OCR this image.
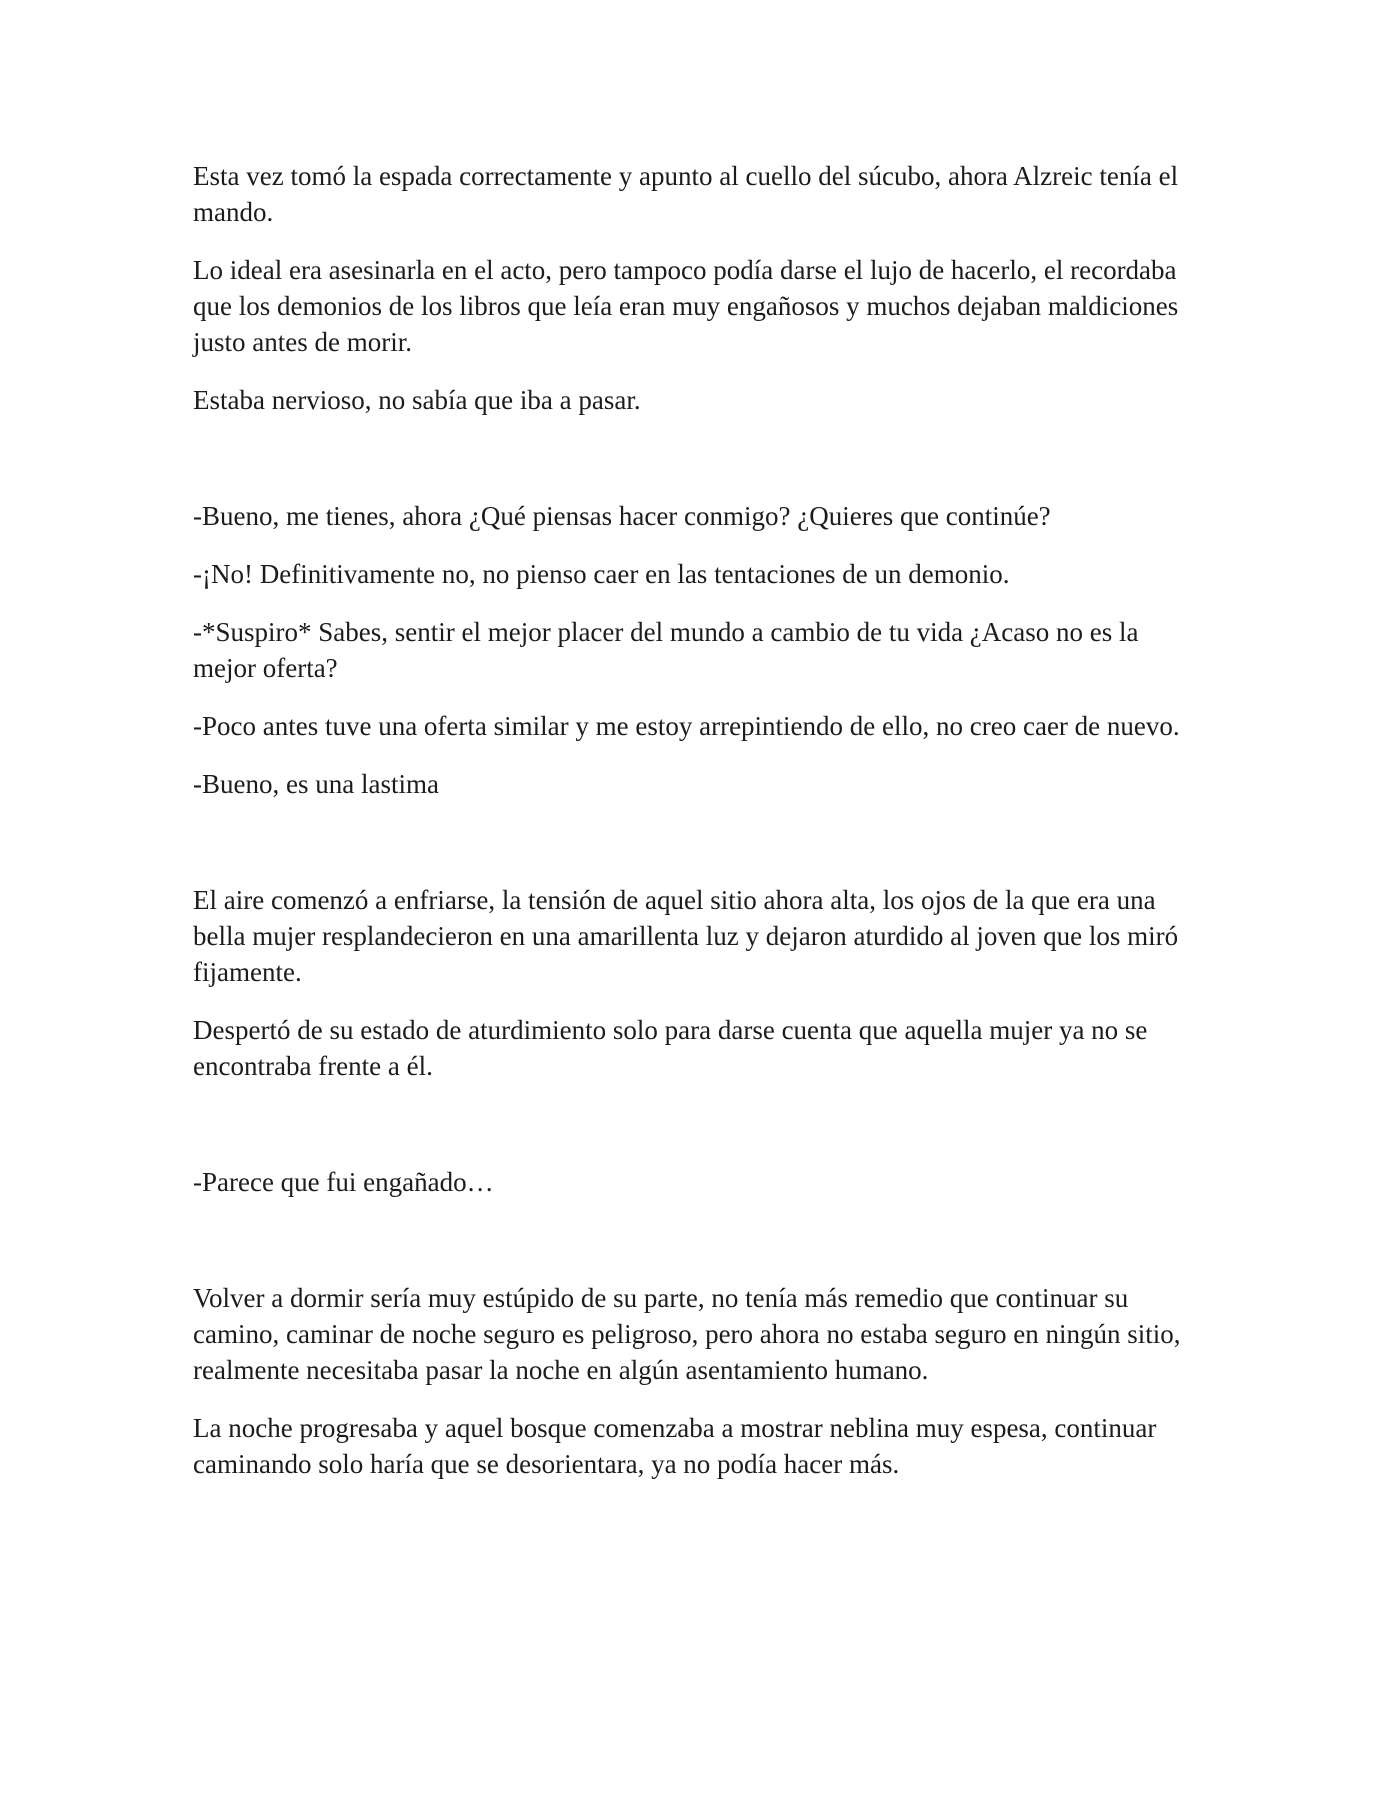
Esta vez tomó la espada correctamente y apunto al cuello del súcubo, ahora Alzreic tenía el mando.

Lo ideal era asesinarla en el acto, pero tampoco podía darse el lujo de hacerlo, el recordaba que los demonios de los libros que leía eran muy engañosos y muchos dejaban maldiciones justo antes de morir.

Estaba nervioso, no sabía que iba a pasar.

-Bueno, me tienes, ahora ¿Qué piensas hacer conmigo? ¿Quieres que continúe?

-¡No! Definitivamente no, no pienso caer en las tentaciones de un demonio.

-*Suspiro* Sabes, sentir el mejor placer del mundo a cambio de tu vida ¿Acaso no es la mejor oferta?

-Poco antes tuve una oferta similar y me estoy arrepintiendo de ello, no creo caer de nuevo.

-Bueno, es una lastima

El aire comenzó a enfriarse, la tensión de aquel sitio ahora alta, los ojos de la que era una bella mujer resplandecieron en una amarillenta luz y dejaron aturdido al joven que los miró fijamente.

Despertó de su estado de aturdimiento solo para darse cuenta que aquella mujer ya no se encontraba frente a él.

-Parece que fui engañado…

Volver a dormir sería muy estúpido de su parte, no tenía más remedio que continuar su camino, caminar de noche seguro es peligroso, pero ahora no estaba seguro en ningún sitio, realmente necesitaba pasar la noche en algún asentamiento humano.

La noche progresaba y aquel bosque comenzaba a mostrar neblina muy espesa, continuar caminando solo haría que se desorientara, ya no podía hacer más.
